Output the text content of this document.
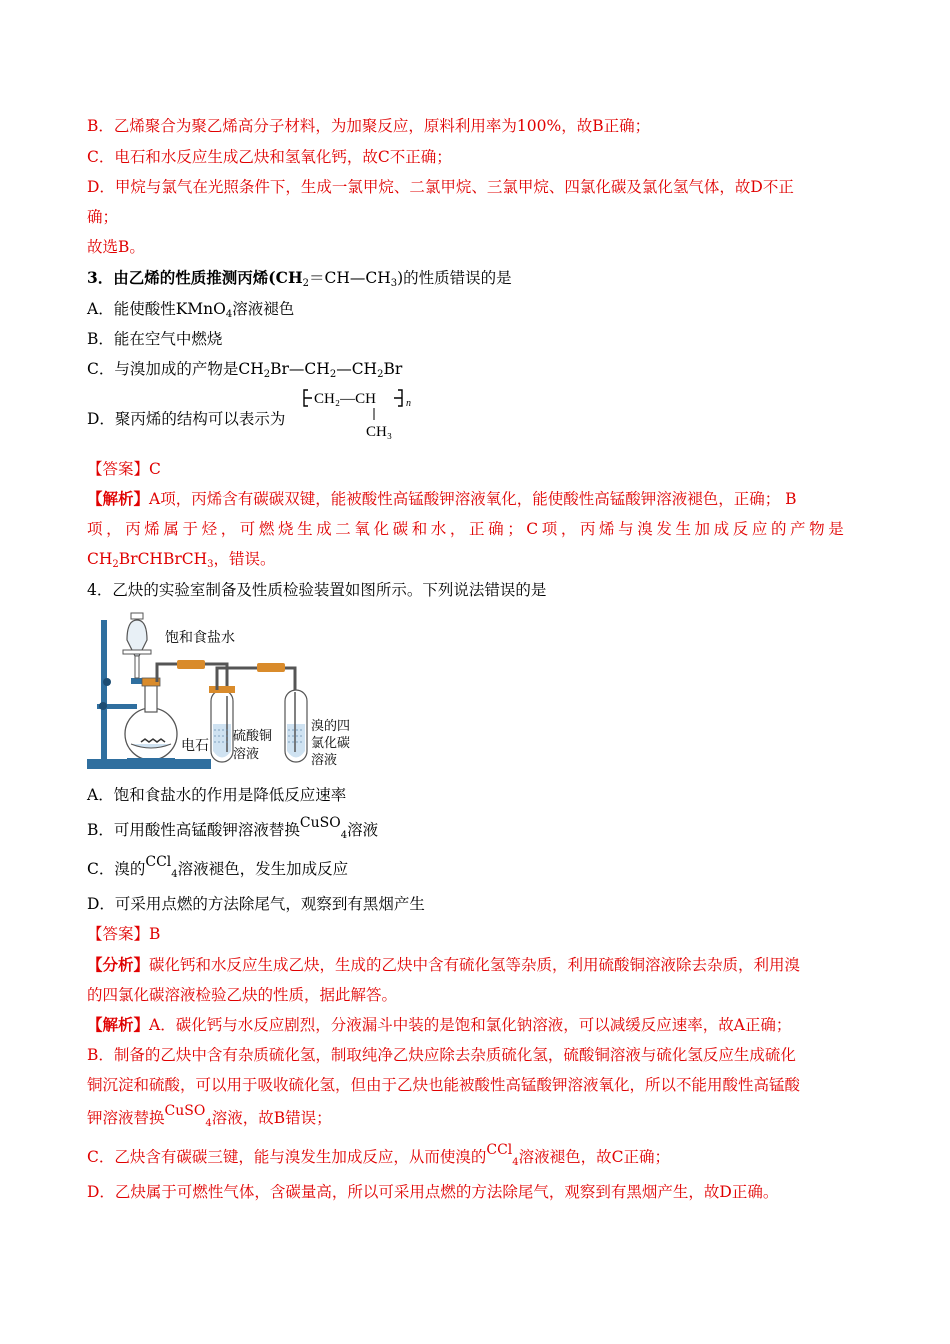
B．乙烯聚合为聚乙烯高分子材料，为加聚反应，原料利用率为100%，故B正确；
C．电石和水反应生成乙炔和氢氧化钙，故C不正确；
D．甲烷与氯气在光照条件下，生成一氯甲烷、二氯甲烷、三氯甲烷、四氯化碳及氯化氢气体，故D不正
确；
故选B。
3．由乙烯的性质推测丙烯$(CH_2=CH—CH_3)$的性质错误的是
A．能使酸性KMnO$_4$溶液褪色
B．能在空气中燃烧
C．与溴加成的产物是$CH_2Br—CH_2—CH_2Br$
D．聚丙烯的结构可以表示为
CH₂—CH	n
CH₃
【答案】C
【解析】A项，丙烯含有碳碳双键，能被酸性高锰酸钾溶液氧化，能使酸性高锰酸钾溶液褪色，正确； B
项，丙烯属于烃，可燃烧生成二氧化碳和水，正确；C项，丙烯与溴发生加成反应的产物是
$CH_2BrCHBrCH_3$，错误。
4．乙炔的实验室制备及性质检验装置如图所示。下列说法错误的是
饱和食盐水
电石
硫酸铜
溶液
溴的四
氯化碳
溶液
A．饱和食盐水的作用是降低反应速率
B．可用酸性高锰酸钾溶液替换CuSO4溶液
C．溴的CCl4溶液褪色，发生加成反应
D．可采用点燃的方法除尾气，观察到有黑烟产生
【答案】B
【分析】碳化钙和水反应生成乙炔，生成的乙炔中含有硫化氢等杂质，利用硫酸铜溶液除去杂质，利用溴
的四氯化碳溶液检验乙炔的性质，据此解答。
【解析】A．碳化钙与水反应剧烈，分液漏斗中装的是饱和氯化钠溶液，可以减缓反应速率，故A正确；
B．制备的乙炔中含有杂质硫化氢，制取纯净乙炔应除去杂质硫化氢，硫酸铜溶液与硫化氢反应生成硫化
铜沉淀和硫酸，可以用于吸收硫化氢，但由于乙炔也能被酸性高锰酸钾溶液氧化，所以不能用酸性高锰酸
钾溶液替换CuSO4溶液，故B错误；
C．乙炔含有碳碳三键，能与溴发生加成反应，从而使溴的CCl4溶液褪色，故C正确；
D．乙炔属于可燃性气体，含碳量高，所以可采用点燃的方法除尾气，观察到有黑烟产生，故D正确。
